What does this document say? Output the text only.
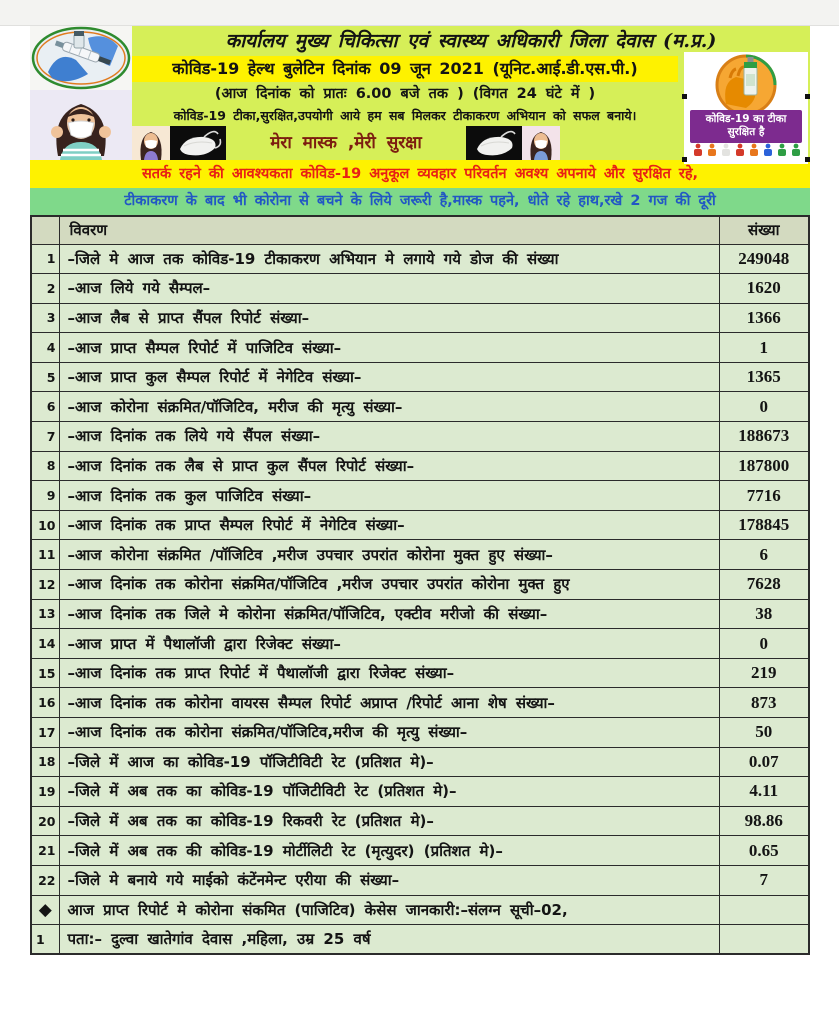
कार्यालय मुख्य चिकित्सा एवं स्वास्थ्य अधिकारी जिला देवास (म.प्र.)
कोविड-19 हेल्थ बुलेटिन दिनांक 09 जून 2021 (यूनिट.आई.डी.एस.पी.)
(आज दिनांक को प्रातः 6.00 बजे तक ) (विगत 24 घंटे में )
कोविड-19 टीका,सुरक्षित,उपयोगी आये हम सब मिलकर टीकाकरण अभियान को सफल बनाये।
मेरा मास्क ,मेरी सुरक्षा
कोविड-19 का टीका
सुरक्षित है
सतर्क रहने की आवश्यकता कोविड-19 अनुकूल व्यवहार परिवर्तन अवश्य अपनाये और सुरक्षित रहे,
टीकाकरण के बाद भी कोरोना से बचने के लिये जरूरी है,मास्क पहने, धोते रहे हाथ,रखे 2 गज की दूरी
	विवरण	संख्या
1	–जिले मे आज तक कोविड-19 टीकाकरण अभियान मे लगाये गये डोज की संख्या	249048
2	–आज लिये गये सैम्पल–	1620
3	–आज लैब से प्राप्त सैंपल रिपोर्ट संख्या–	1366
4	–आज प्राप्त सैम्पल रिपोर्ट में पाजिटिव संख्या–	1
5	–आज प्राप्त कुल सैम्पल रिपोर्ट में नेगेटिव संख्या–	1365
6	–आज कोरोना संक्रमित/पॉजिटिव, मरीज की मृत्यु संख्या–	0
7	–आज दिनांक तक लिये गये सैंपल संख्या–	188673
8	–आज दिनांक तक लैब से प्राप्त कुल सैंपल रिपोर्ट संख्या–	187800
9	–आज दिनांक तक कुल पाजिटिव संख्या–	7716
10	–आज दिनांक तक प्राप्त सैम्पल रिपोर्ट में नेगेटिव संख्या–	178845
11	–आज कोरोना संक्रमित /पॉजिटिव ,मरीज उपचार उपरांत कोरोना मुक्त हुए संख्या–	6
12	–आज दिनांक तक कोरोना संक्रमित/पॉजिटिव ,मरीज उपचार उपरांत कोरोना मुक्त हुए	7628
13	–आज दिनांक तक जिले मे कोरोना संक्रमित/पॉजिटिव, एक्टीव मरीजो की संख्या–	38
14	–आज प्राप्त में पैथालॉजी द्वारा रिजेक्ट संख्या–	0
15	–आज दिनांक तक प्राप्त रिपोर्ट में पैथालॉजी द्वारा रिजेक्ट संख्या–	219
16	–आज दिनांक तक कोरोना वायरस सैम्पल रिपोर्ट अप्राप्त /रिपोर्ट आना शेष संख्या–	873
17	–आज दिनांक तक कोरोना संक्रमित/पॉजिटिव,मरीज की मृत्यु संख्या–	50
18	–जिले में आज का कोविड-19 पॉजिटीविटी रेट (प्रतिशत मे)–	0.07
19	–जिले में अब तक का कोविड-19 पॉजिटीविटी रेट (प्रतिशत मे)–	4.11
20	–जिले में अब तक का कोविड-19 रिकवरी रेट (प्रतिशत मे)–	98.86
21	–जिले में अब तक की कोविड-19 मोर्टीलिटी रेट (मृत्युदर) (प्रतिशत मे)–	0.65
22	–जिले मे बनाये गये माईको कंटेंनमेन्ट एरीया की संख्या–	7
◆	आज प्राप्त रिपोर्ट मे कोरोना संकमित (पाजिटिव) केसेस जानकारी:–संलग्न सूची–02,	
1	पता:– दुल्वा खातेगांव देवास ,महिला, उम्र 25 वर्ष	
